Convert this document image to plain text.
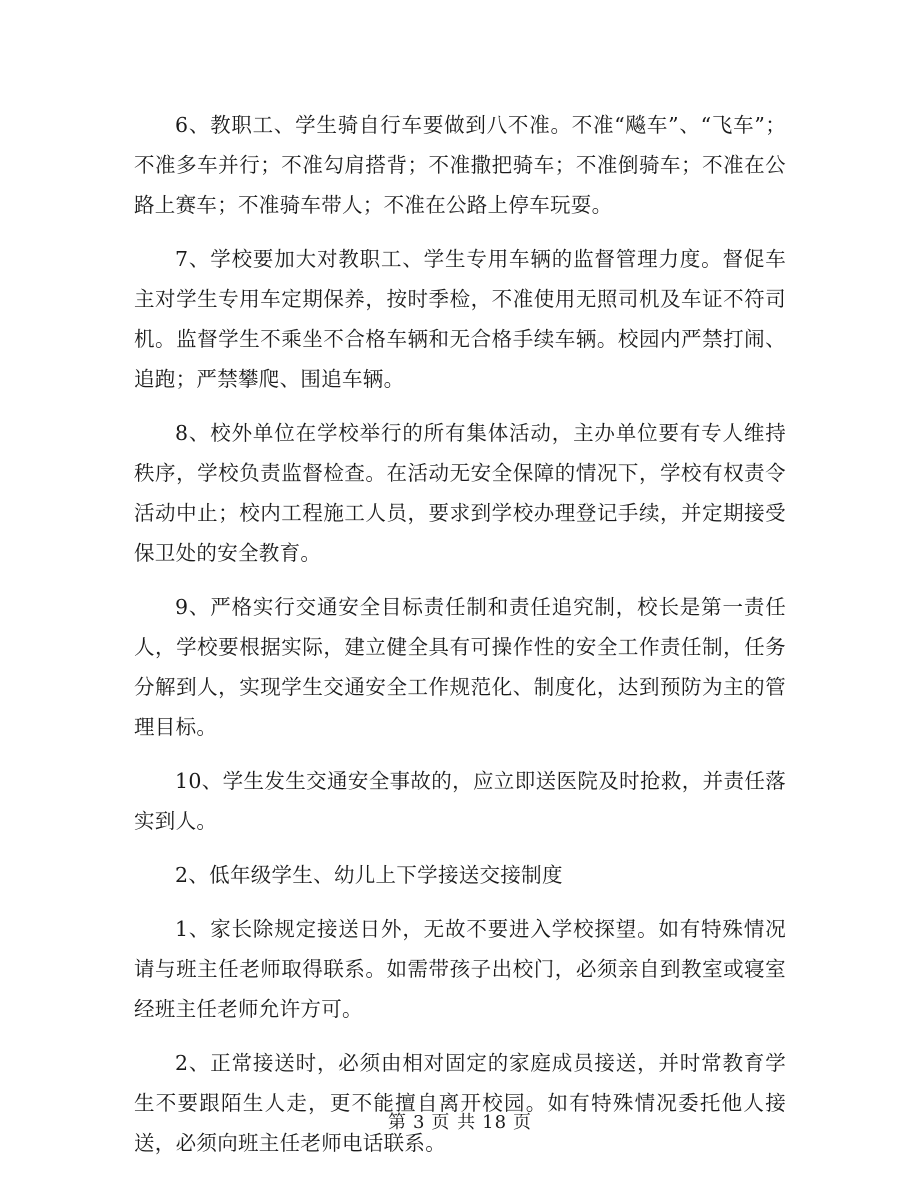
6、教职工、学生骑自行车要做到八不准。不准“飚车”、“飞车”；不准多车并行；不准勾肩搭背；不准撒把骑车；不准倒骑车；不准在公路上赛车；不准骑车带人；不准在公路上停车玩耍。

7、学校要加大对教职工、学生专用车辆的监督管理力度。督促车主对学生专用车定期保养，按时季检，不准使用无照司机及车证不符司机。监督学生不乘坐不合格车辆和无合格手续车辆。校园内严禁打闹、追跑；严禁攀爬、围追车辆。

8、校外单位在学校举行的所有集体活动，主办单位要有专人维持秩序，学校负责监督检查。在活动无安全保障的情况下，学校有权责令活动中止；校内工程施工人员，要求到学校办理登记手续，并定期接受保卫处的安全教育。

9、严格实行交通安全目标责任制和责任追究制，校长是第一责任人，学校要根据实际，建立健全具有可操作性的安全工作责任制，任务分解到人，实现学生交通安全工作规范化、制度化，达到预防为主的管理目标。

10、学生发生交通安全事故的，应立即送医院及时抢救，并责任落实到人。

2、低年级学生、幼儿上下学接送交接制度

1、家长除规定接送日外，无故不要进入学校探望。如有特殊情况请与班主任老师取得联系。如需带孩子出校门，必须亲自到教室或寝室经班主任老师允许方可。

2、正常接送时，必须由相对固定的家庭成员接送，并时常教育学生不要跟陌生人走，更不能擅自离开校园。如有特殊情况委托他人接送，必须向班主任老师电话联系。

第 3 页 共 18 页
